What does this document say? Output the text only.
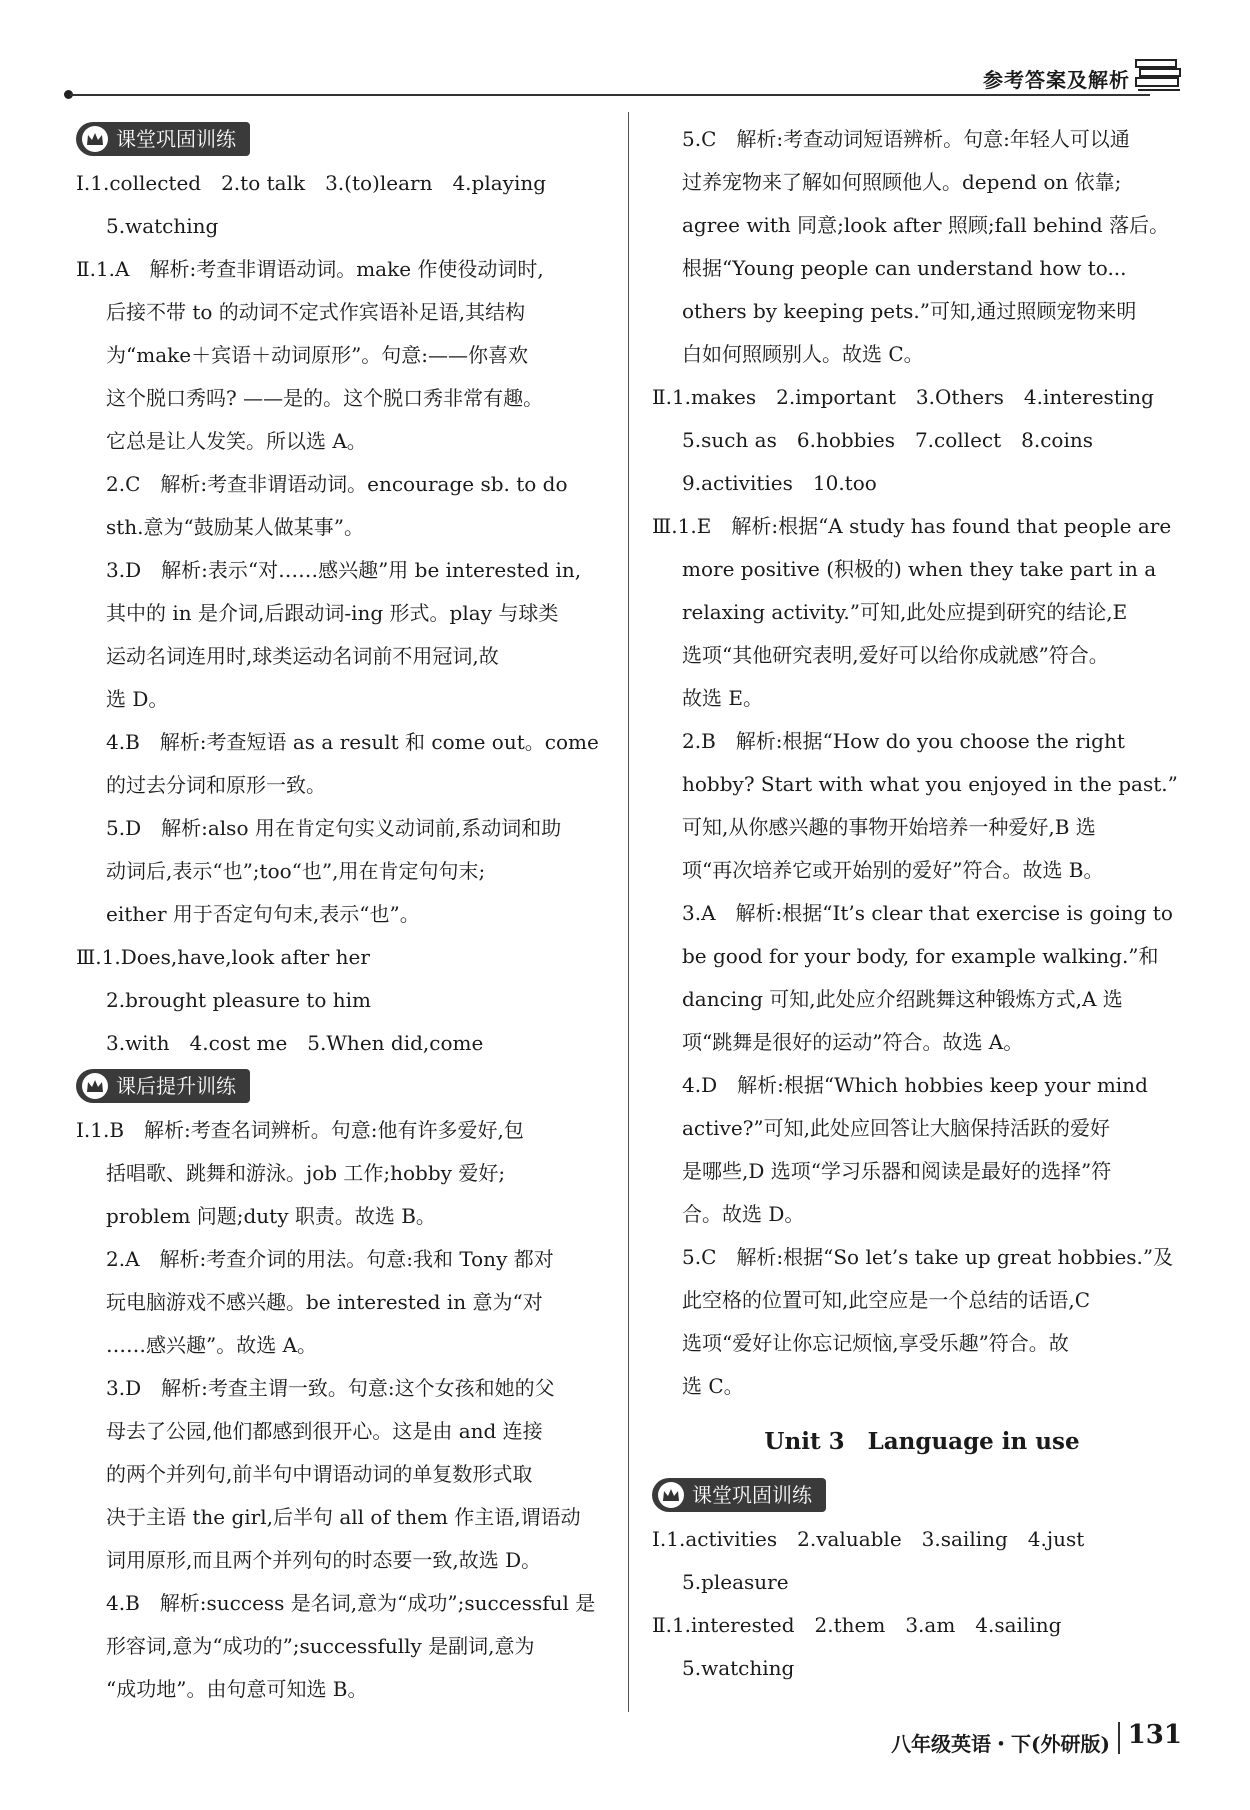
参考答案及解析
课堂巩固训练
Ⅰ.1.collected　2.to talk　3.(to)learn　4.playing
5.watching
Ⅱ.1.A　解析:考查非谓语动词。make 作使役动词时,
后接不带 to 的动词不定式作宾语补足语,其结构
为“make＋宾语＋动词原形”。句意:——你喜欢
这个脱口秀吗? ——是的。这个脱口秀非常有趣。
它总是让人发笑。所以选 A。
2.C　解析:考查非谓语动词。encourage sb. to do
sth.意为“鼓励某人做某事”。
3.D　解析:表示“对……感兴趣”用 be interested in,
其中的 in 是介词,后跟动词-ing 形式。play 与球类
运动名词连用时,球类运动名词前不用冠词,故
选 D。
4.B　解析:考查短语 as a result 和 come out。come
的过去分词和原形一致。
5.D　解析:also 用在肯定句实义动词前,系动词和助
动词后,表示“也”;too“也”,用在肯定句句末;
either 用于否定句句末,表示“也”。
Ⅲ.1.Does,have,look after her
2.brought pleasure to him
3.with　4.cost me　5.When did,come
课后提升训练
Ⅰ.1.B　解析:考查名词辨析。句意:他有许多爱好,包
括唱歌、跳舞和游泳。job 工作;hobby 爱好;
problem 问题;duty 职责。故选 B。
2.A　解析:考查介词的用法。句意:我和 Tony 都对
玩电脑游戏不感兴趣。be interested in 意为“对
……感兴趣”。故选 A。
3.D　解析:考查主谓一致。句意:这个女孩和她的父
母去了公园,他们都感到很开心。这是由 and 连接
的两个并列句,前半句中谓语动词的单复数形式取
决于主语 the girl,后半句 all of them 作主语,谓语动
词用原形,而且两个并列句的时态要一致,故选 D。
4.B　解析:success 是名词,意为“成功”;successful 是
形容词,意为“成功的”;successfully 是副词,意为
“成功地”。由句意可知选 B。
5.C　解析:考查动词短语辨析。句意:年轻人可以通
过养宠物来了解如何照顾他人。depend on 依靠;
agree with 同意;look after 照顾;fall behind 落后。
根据“Young people can understand how to...
others by keeping pets.”可知,通过照顾宠物来明
白如何照顾别人。故选 C。
Ⅱ.1.makes　2.important　3.Others　4.interesting
5.such as　6.hobbies　7.collect　8.coins
9.activities　10.too
Ⅲ.1.E　解析:根据“A study has found that people are
more positive (积极的) when they take part in a
relaxing activity.”可知,此处应提到研究的结论,E
选项“其他研究表明,爱好可以给你成就感”符合。
故选 E。
2.B　解析:根据“How do you choose the right
hobby? Start with what you enjoyed in the past.”
可知,从你感兴趣的事物开始培养一种爱好,B 选
项“再次培养它或开始别的爱好”符合。故选 B。
3.A　解析:根据“It’s clear that exercise is going to
be good for your body, for example walking.”和
dancing 可知,此处应介绍跳舞这种锻炼方式,A 选
项“跳舞是很好的运动”符合。故选 A。
4.D　解析:根据“Which hobbies keep your mind
active?”可知,此处应回答让大脑保持活跃的爱好
是哪些,D 选项“学习乐器和阅读是最好的选择”符
合。故选 D。
5.C　解析:根据“So let’s take up great hobbies.”及
此空格的位置可知,此空应是一个总结的话语,C
选项“爱好让你忘记烦恼,享受乐趣”符合。故
选 C。
Unit 3　Language in use
课堂巩固训练
Ⅰ.1.activities　2.valuable　3.sailing　4.just
5.pleasure
Ⅱ.1.interested　2.them　3.am　4.sailing
5.watching
八年级英语・下(外研版) 131
